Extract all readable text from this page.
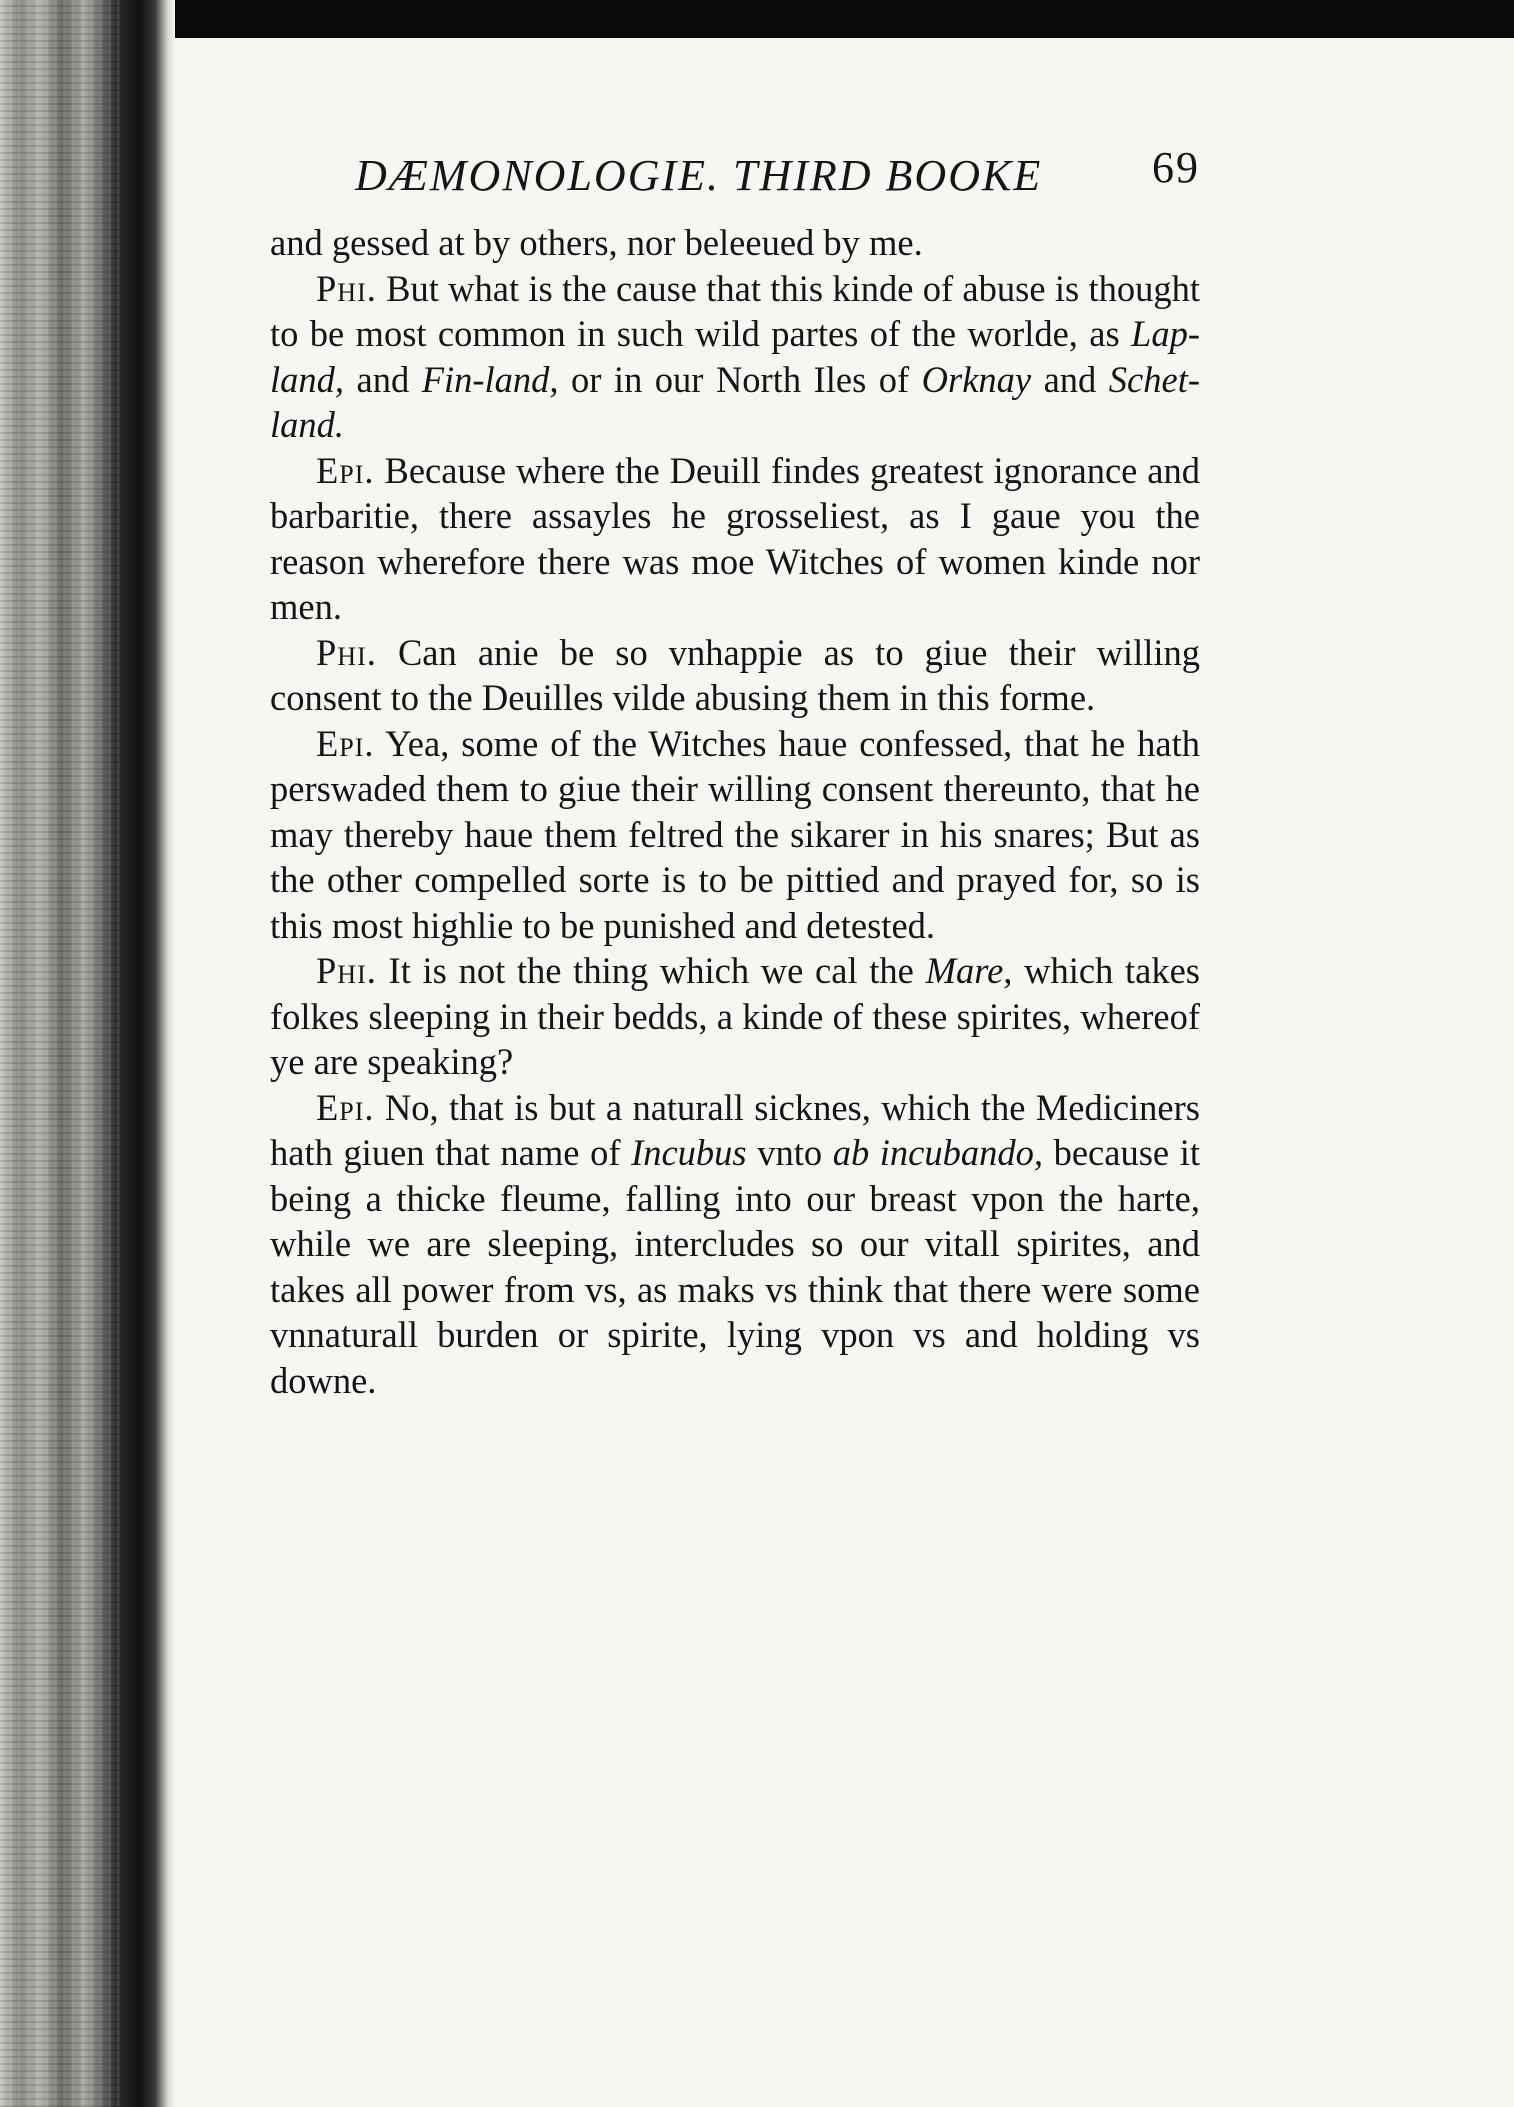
DÆMONOLOGIE. THIRD BOOKE 69

and gessed at by others, nor beleeued by me.

Phi. But what is the cause that this kinde of abuse is thought to be most common in such wild partes of the worlde, as Lap-land, and Fin-land, or in our North Iles of Orknay and Schet-land.

Epi. Because where the Deuill findes greatest ignorance and barbaritie, there assayles he grosseliest, as I gaue you the reason wherefore there was moe Witches of women kinde nor men.

Phi. Can anie be so vnhappie as to giue their willing consent to the Deuilles vilde abusing them in this forme.

Epi. Yea, some of the Witches haue confessed, that he hath perswaded them to giue their willing consent thereunto, that he may thereby haue them feltred the sikarer in his snares; But as the other compelled sorte is to be pittied and prayed for, so is this most highlie to be punished and detested.

Phi. It is not the thing which we cal the Mare, which takes folkes sleeping in their bedds, a kinde of these spirites, whereof ye are speaking?

Epi. No, that is but a naturall sicknes, which the Mediciners hath giuen that name of Incubus vnto ab incubando, because it being a thicke fleume, falling into our breast vpon the harte, while we are sleeping, intercludes so our vitall spirites, and takes all power from vs, as maks vs think that there were some vnnaturall burden or spirite, lying vpon vs and holding vs downe.
